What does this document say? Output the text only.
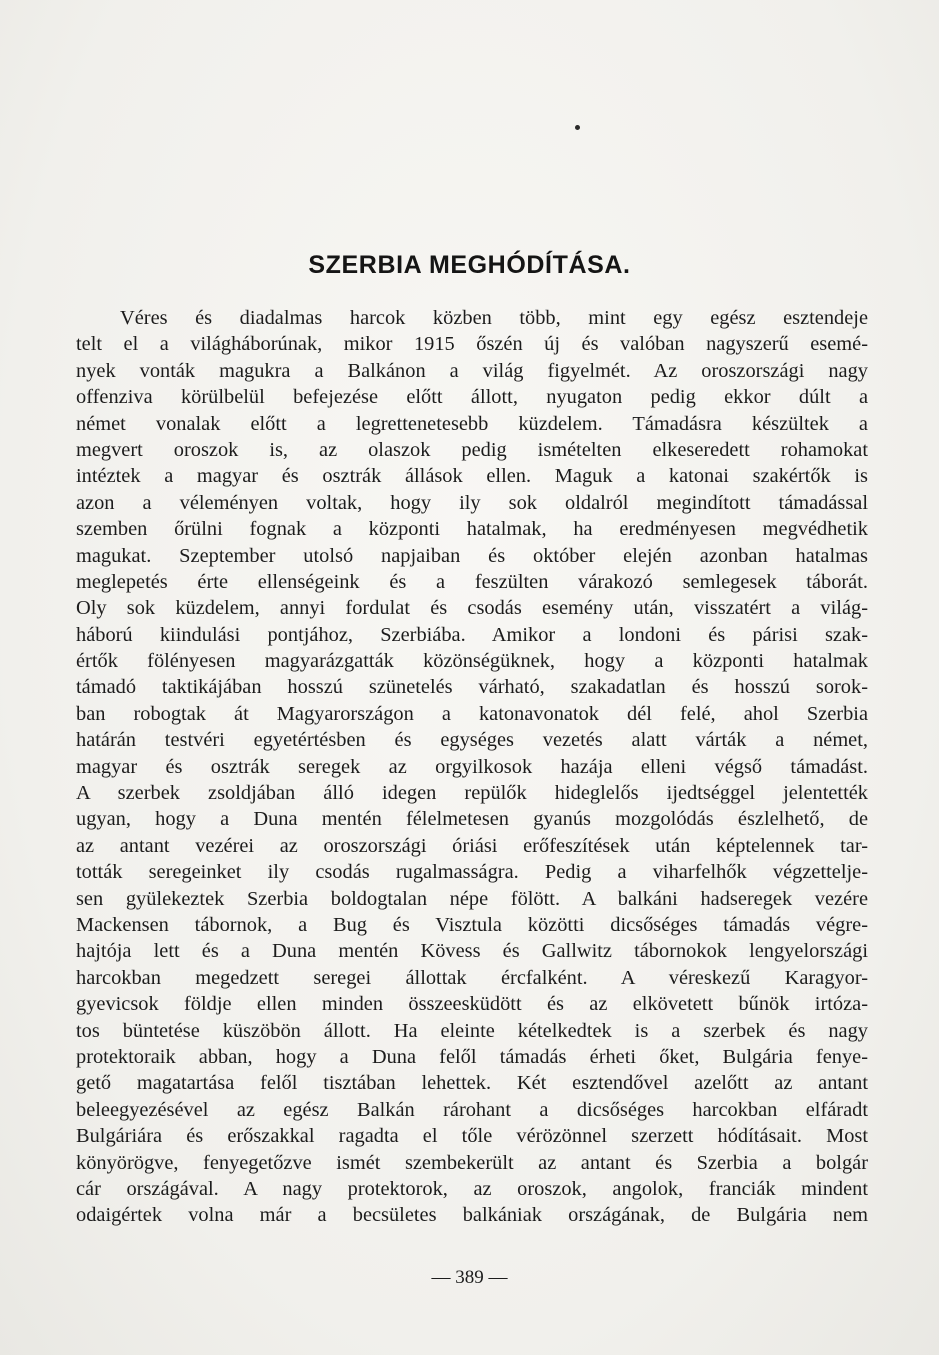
SZERBIA MEGHÓDÍTÁSA.
Véres és diadalmas harcok közben több, mint egy egész esztendeje
telt el a világháborúnak, mikor 1915 őszén új és valóban nagyszerű esemé-
nyek vonták magukra a Balkánon a világ figyelmét. Az oroszországi nagy
offenziva körülbelül befejezése előtt állott, nyugaton pedig ekkor dúlt a
német vonalak előtt a legrettenetesebb küzdelem. Támadásra készültek a
megvert oroszok is, az olaszok pedig ismételten elkeseredett rohamokat
intéztek a magyar és osztrák állások ellen. Maguk a katonai szakértők is
azon a véleményen voltak, hogy ily sok oldalról megindított támadással
szemben őrülni fognak a központi hatalmak, ha eredményesen megvédhetik
magukat. Szeptember utolsó napjaiban és október elején azonban hatalmas
meglepetés érte ellenségeink és a feszülten várakozó semlegesek táborát.
Oly sok küzdelem, annyi fordulat és csodás esemény után, visszatért a világ-
háború kiindulási pontjához, Szerbiába. Amikor a londoni és párisi szak-
értők fölényesen magyarázgatták közönségüknek, hogy a központi hatalmak
támadó taktikájában hosszú szünetelés várható, szakadatlan és hosszú sorok-
ban robogtak át Magyarországon a katonavonatok dél felé, ahol Szerbia
határán testvéri egyetértésben és egységes vezetés alatt várták a német,
magyar és osztrák seregek az orgyilkosok hazája elleni végső támadást.
A szerbek zsoldjában álló idegen repülők hideglelős ijedtséggel jelentették
ugyan, hogy a Duna mentén félelmetesen gyanús mozgolódás észlelhető, de
az antant vezérei az oroszországi óriási erőfeszítések után képtelennek tar-
tották seregeinket ily csodás rugalmasságra. Pedig a viharfelhők végzettelje-
sen gyülekeztek Szerbia boldogtalan népe fölött. A balkáni hadseregek vezére
Mackensen tábornok, a Bug és Visztula közötti dicsőséges támadás végre-
hajtója lett és a Duna mentén Kövess és Gallwitz tábornokok lengyelországi
harcokban megedzett seregei állottak ércfalként. A véreskezű Karagyor-
gyevicsok földje ellen minden összeesküdött és az elkövetett bűnök irtóza-
tos büntetése küszöbön állott. Ha eleinte kételkedtek is a szerbek és nagy
protektoraik abban, hogy a Duna felől támadás érheti őket, Bulgária fenye-
gető magatartása felől tisztában lehettek. Két esztendővel azelőtt az antant
beleegyezésével az egész Balkán rárohant a dicsőséges harcokban elfáradt
Bulgáriára és erőszakkal ragadta el tőle vérözönnel szerzett hódításait. Most
könyörögve, fenyegetőzve ismét szembekerült az antant és Szerbia a bolgár
cár országával. A nagy protektorok, az oroszok, angolok, franciák mindent
odaigértek volna már a becsületes balkániak országának, de Bulgária nem
— 389 —
